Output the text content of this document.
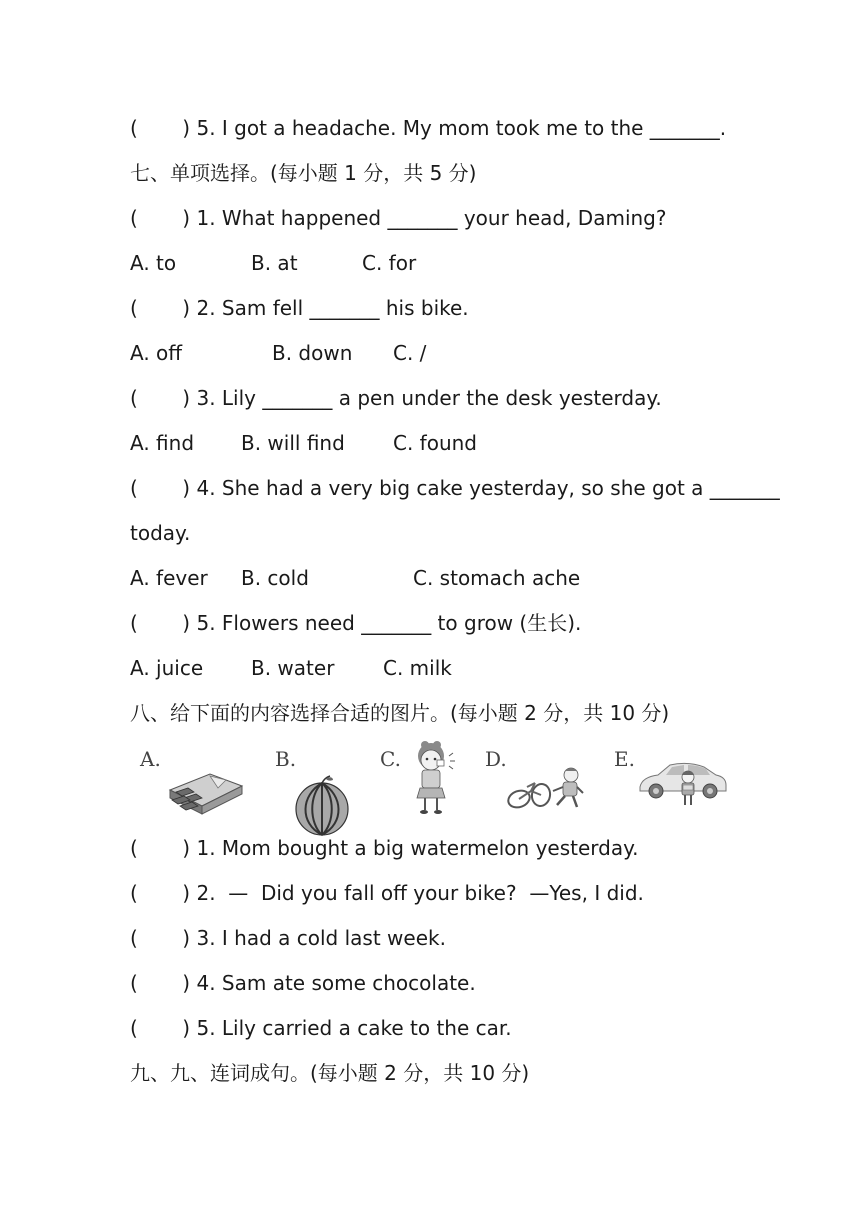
(       ) 5. I got a headache. My mom took me to the _______.
七、单项选择。(每小题 1 分，共 5 分)
(       ) 1. What happened _______ your head, Daming?

A. to

	B. at

	C. for

(       ) 2. Sam fell _______ his bike.

A. off

	B. down

C. /

(       ) 3. Lily _______ a pen under the desk yesterday.

A. find

B. will find

C. found

(       ) 4. She had a very big cake yesterday, so she got a _______
today.

A. fever

B. cold

	C. stomach ache

(       ) 5. Flowers need _______ to grow (生长).

A. juice

B. water

C. milk

八、给下面的内容选择合适的图片。(每小题 2 分，共 10 分)
A.	B.	C.	D.	E.
(       ) 1. Mom bought a big watermelon yesterday.
(       ) 2.  —  Did you fall off your bike?  —Yes, I did.
(       ) 3. I had a cold last week.
(       ) 4. Sam ate some chocolate.
(       ) 5. Lily carried a cake to the car.
九、九、连词成句。(每小题 2 分，共 10 分)
